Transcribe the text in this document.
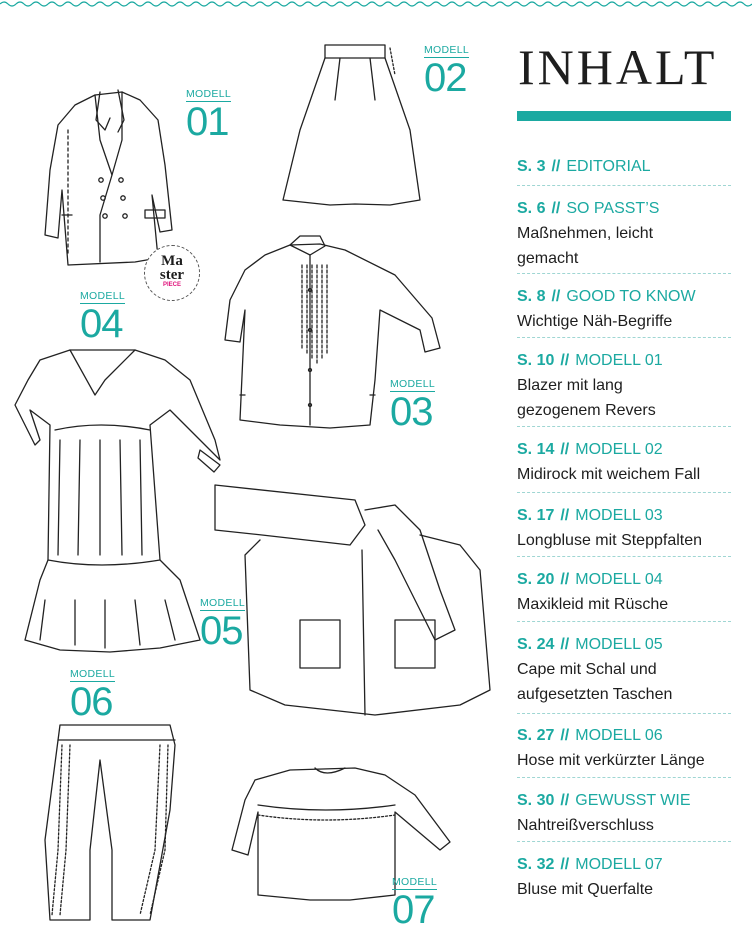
Ma
ster
PIECE
MODELL
01
MODELL
02
MODELL
03
MODELL
04
MODELL
05
MODELL
06
MODELL
07
INHALT
S. 3 // EDITORIAL
S. 6 // SO PASST’S
Maßnehmen, leicht
gemacht
S. 8 // GOOD TO KNOW
Wichtige Näh-Begriffe
S. 10 // MODELL 01
Blazer mit lang
gezogenem Revers
S. 14 // MODELL 02
Midirock mit weichem Fall
S. 17 // MODELL 03
Longbluse mit Steppfalten
S. 20 // MODELL 04
Maxikleid mit Rüsche
S. 24 // MODELL 05
Cape mit Schal und
aufgesetzten Taschen
S. 27 // MODELL 06
Hose mit verkürzter Länge
S. 30 // GEWUSST WIE
Nahtreißverschluss
S. 32 // MODELL 07
Bluse mit Querfalte
